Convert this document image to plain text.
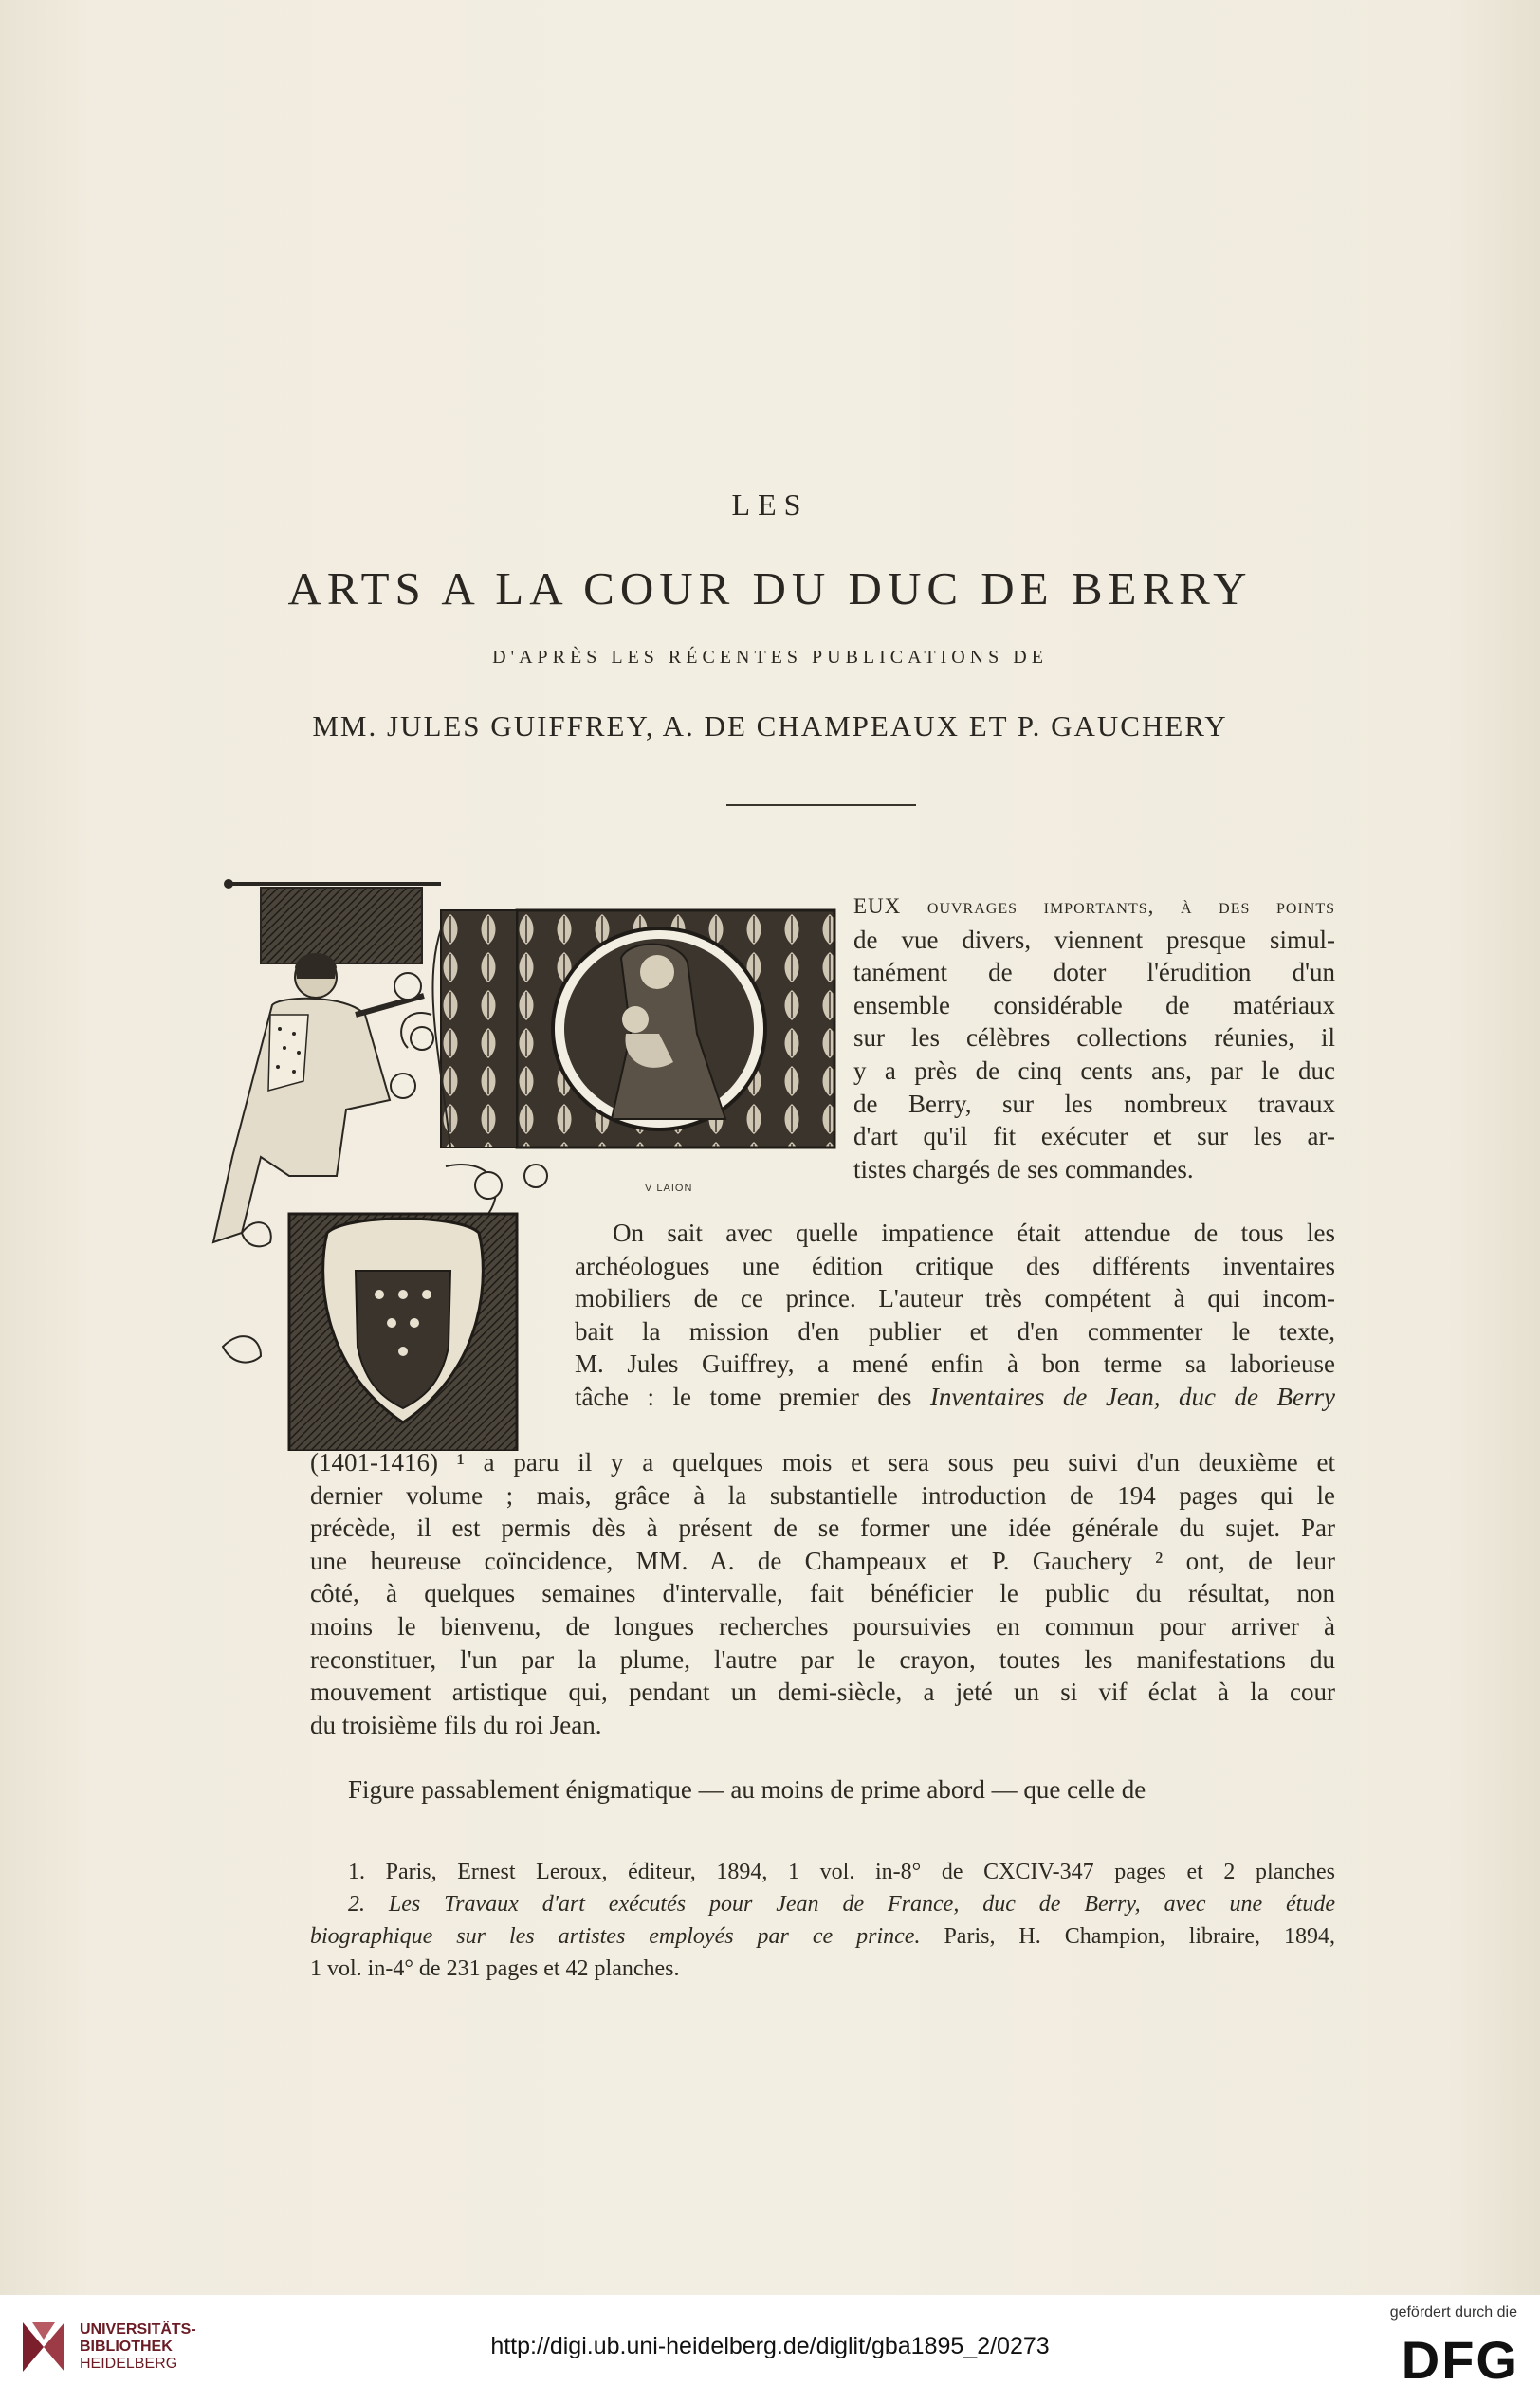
LES
ARTS A LA COUR DU DUC DE BERRY
D'APRÈS LES RÉCENTES PUBLICATIONS DE
MM. JULES GUIFFREY, A. DE CHAMPEAUX ET P. GAUCHERY
V LAION
EUX ouvrages importants, à des points
de vue divers, viennent presque simul-
tanément de doter l'érudition d'un
ensemble considérable de matériaux
sur les célèbres collections réunies, il
y a près de cinq cents ans, par le duc
de Berry, sur les nombreux travaux
d'art qu'il fit exécuter et sur les ar-
tistes chargés de ses commandes.
On sait avec quelle impatience était attendue de tous les
archéologues une édition critique des différents inventaires
mobiliers de ce prince. L'auteur très compétent à qui incom-
bait la mission d'en publier et d'en commenter le texte,
M. Jules Guiffrey, a mené enfin à bon terme sa laborieuse
tâche : le tome premier des Inventaires de Jean, duc de Berry
(1401-1416) ¹ a paru il y a quelques mois et sera sous peu suivi d'un deuxième et
dernier volume ; mais, grâce à la substantielle introduction de 194 pages qui le
précède, il est permis dès à présent de se former une idée générale du sujet. Par
une heureuse coïncidence, MM. A. de Champeaux et P. Gauchery ² ont, de leur
côté, à quelques semaines d'intervalle, fait bénéficier le public du résultat, non
moins le bienvenu, de longues recherches poursuivies en commun pour arriver à
reconstituer, l'un par la plume, l'autre par le crayon, toutes les manifestations du
mouvement artistique qui, pendant un demi-siècle, a jeté un si vif éclat à la cour
du troisième fils du roi Jean.
Figure passablement énigmatique — au moins de prime abord — que celle de
1. Paris, Ernest Leroux, éditeur, 1894, 1 vol. in-8° de CXCIV-347 pages et 2 planches
2. Les Travaux d'art exécutés pour Jean de France, duc de Berry, avec une étude
biographique sur les artistes employés par ce prince. Paris, H. Champion, libraire, 1894,
1 vol. in-4° de 231 pages et 42 planches.
UNIVERSITÄTS-
BIBLIOTHEK
HEIDELBERG
http://digi.ub.uni-heidelberg.de/diglit/gba1895_2/0273
gefördert durch die
DFG
